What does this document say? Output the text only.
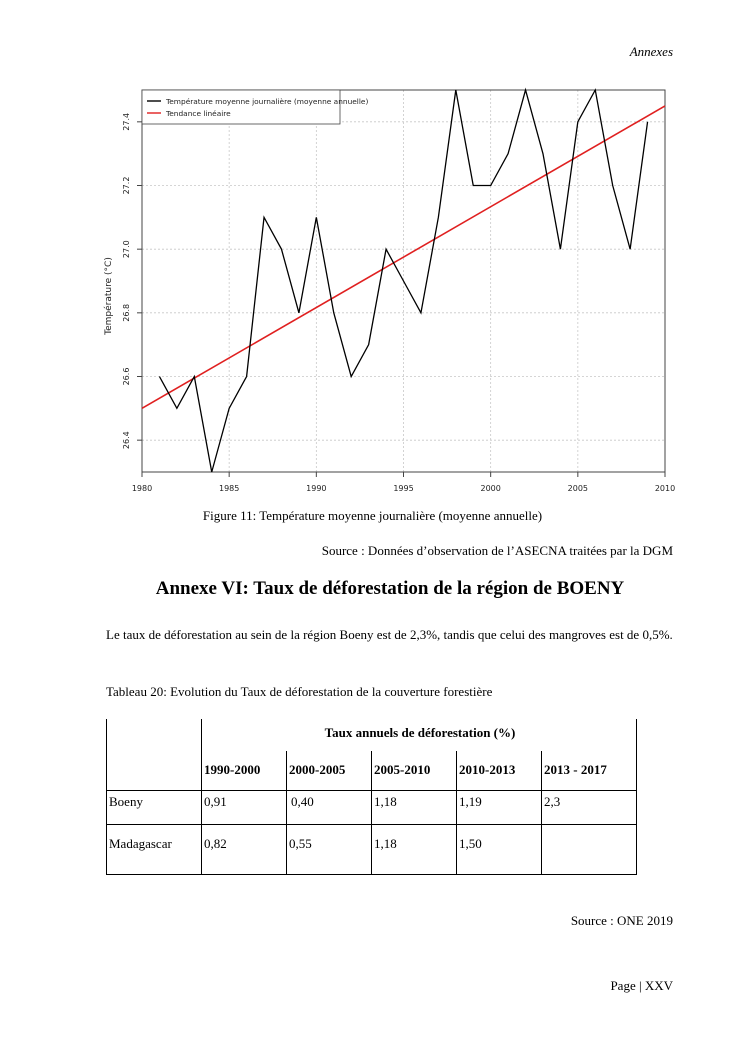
Annexes
1980	1985	1990	1995	2000	2005	2010
26.4
26.6
26.8
27.0
27.2
27.4
Température (°C)
Température moyenne journalière (moyenne annuelle)
Tendance linéaire
Figure 11: Température moyenne journalière (moyenne annuelle)
Source : Données d’observation de l’ASECNA traitées par la DGM
Annexe VI: Taux de déforestation de la région de BOENY
Le taux de déforestation au sein de la région Boeny est de 2,3%, tandis que celui des mangroves est de 0,5%.
Tableau 20: Evolution du Taux de déforestation de la couverture forestière
	Taux annuels de déforestation (%)				
	1990-2000	2000-2005	2005-2010	2010-2013	2013 - 2017
Boeny	0,91	0,40	1,18	1,19	2,3
Madagascar	0,82	0,55	1,18	1,50	
Source : ONE 2019
Page | XXV
